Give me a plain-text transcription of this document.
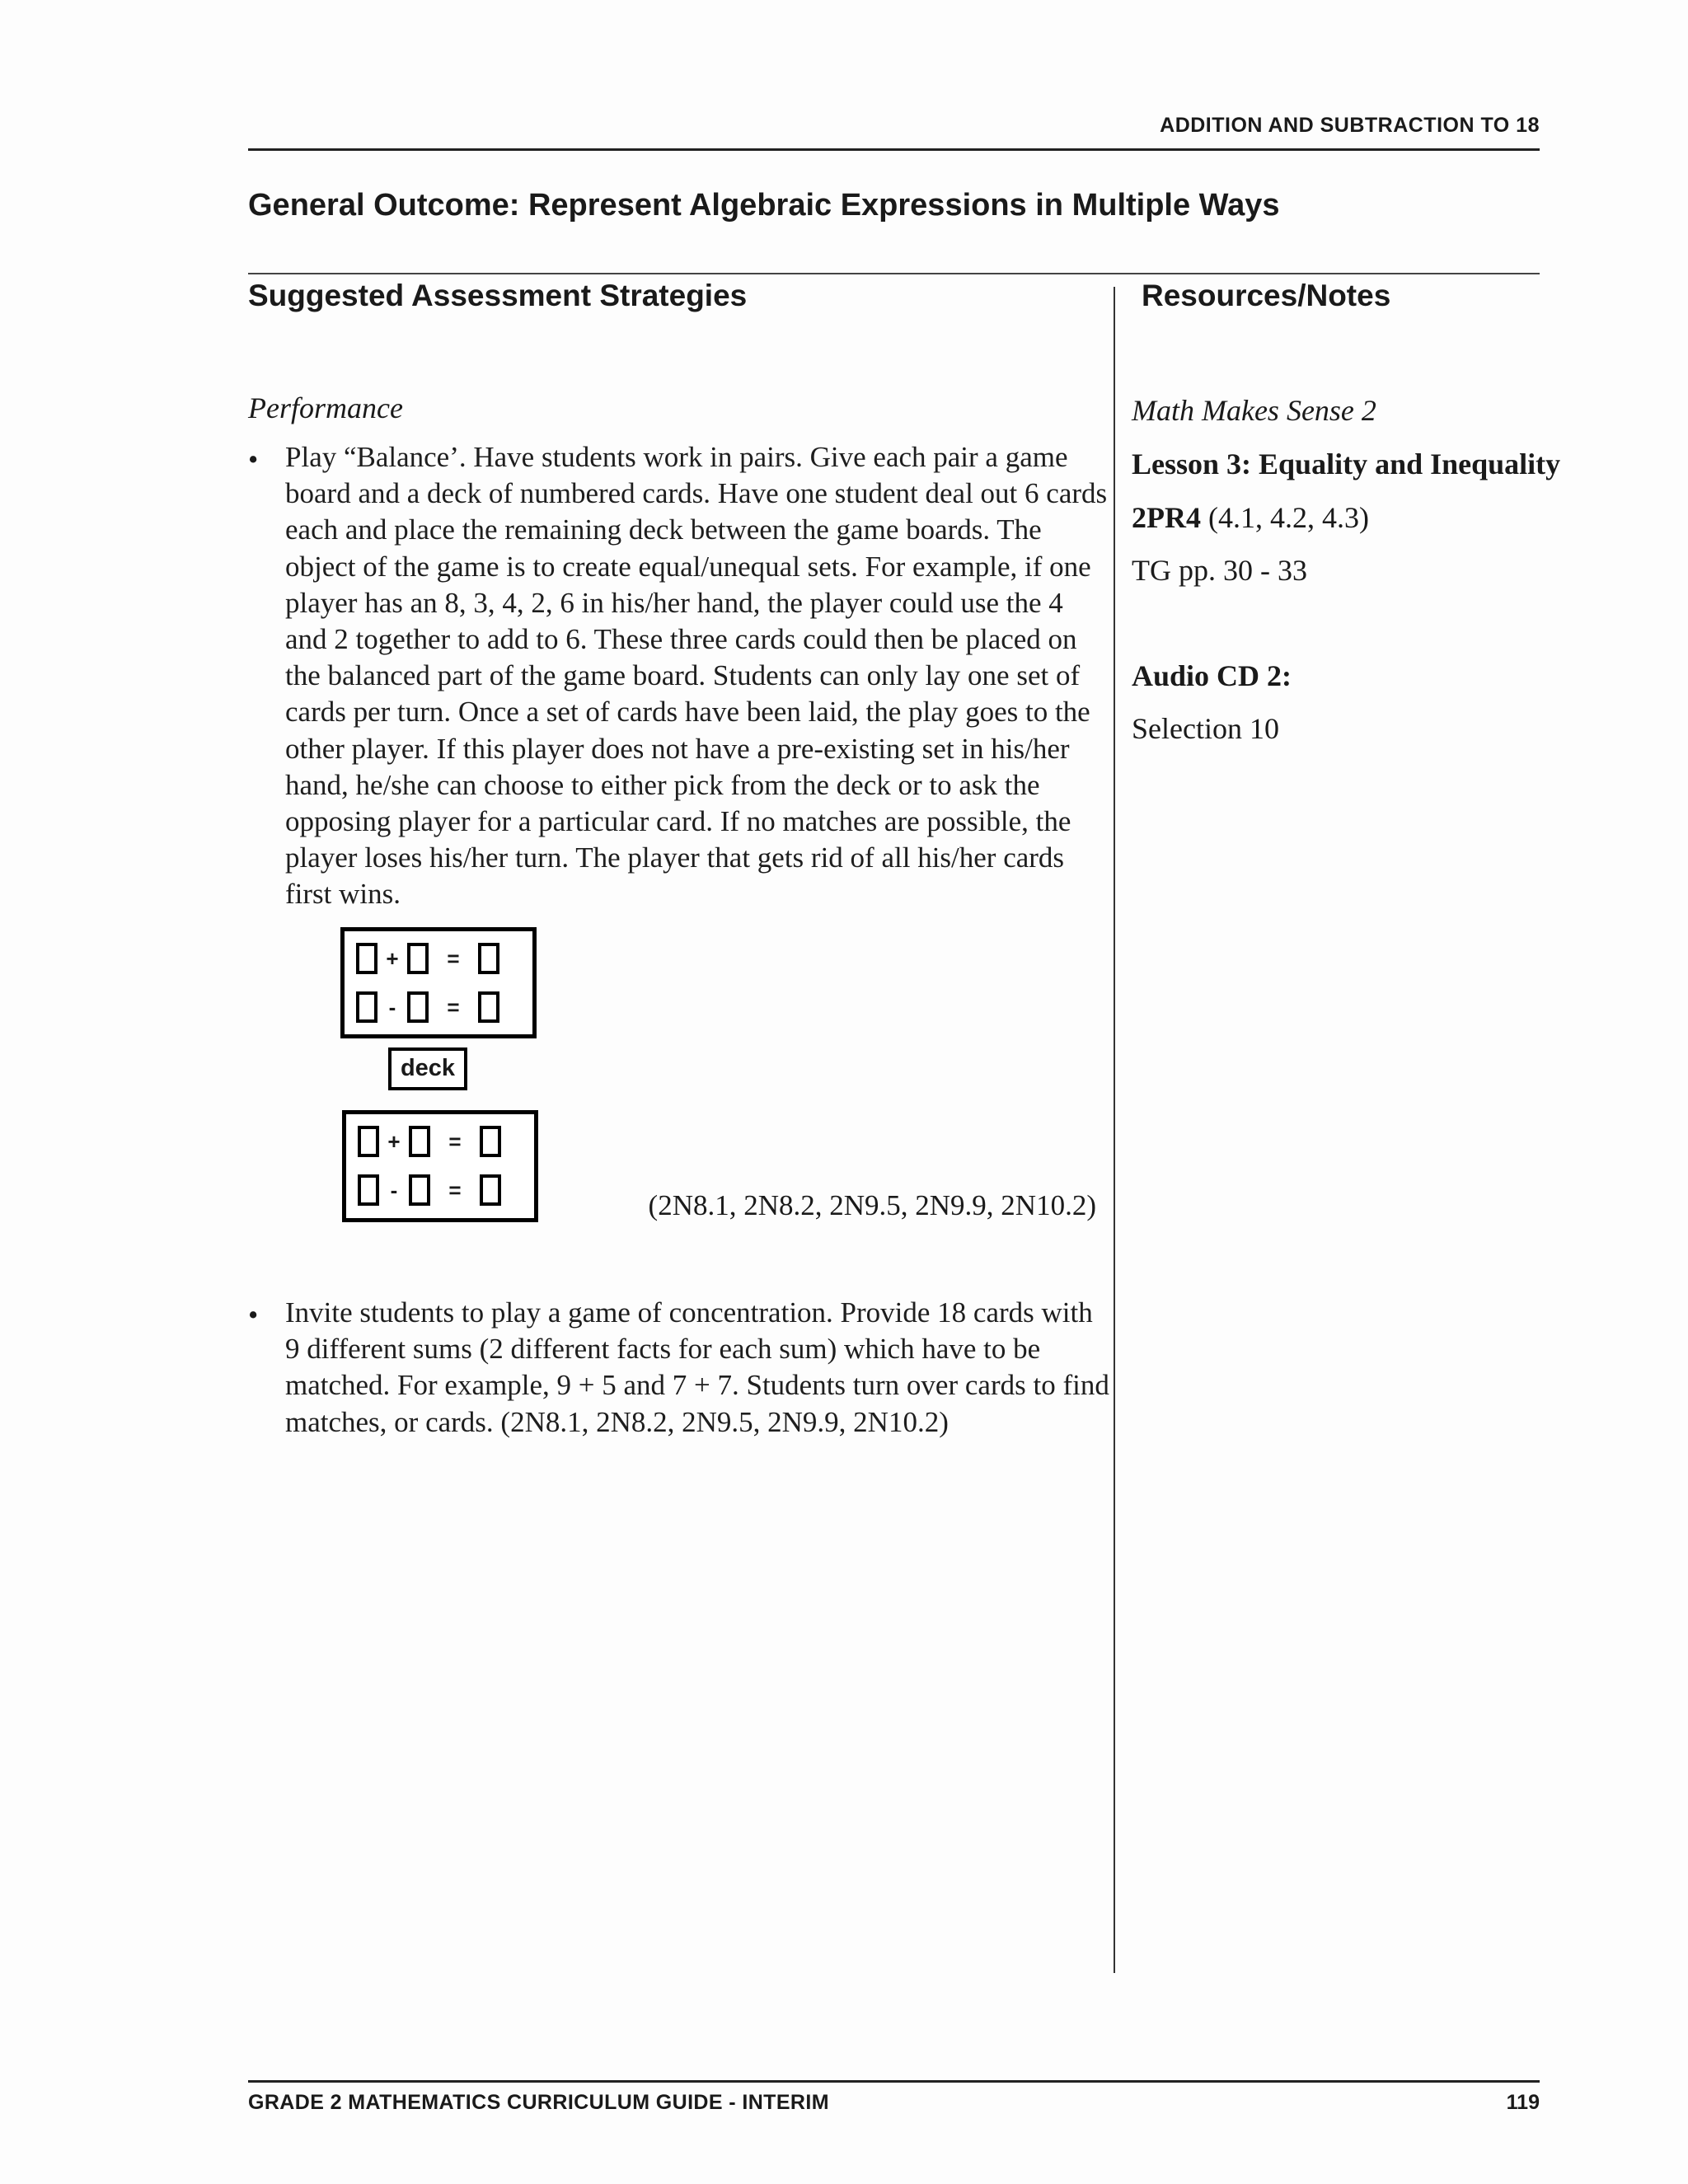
ADDITION AND SUBTRACTION TO 18
General Outcome: Represent Algebraic Expressions in Multiple Ways
Suggested Assessment Strategies	Resources/Notes
Performance
• Play “Balance’. Have students work in pairs. Give each pair a game board and a deck of numbered cards. Have one student deal out 6 cards each and place the remaining deck between the game boards. The object of the game is to create equal/unequal sets. For example, if one player has an 8, 3, 4, 2, 6 in his/her hand, the player could use the 4 and 2 together to add to 6. These three cards could then be placed on the balanced part of the game board. Students can only lay one set of cards per turn. Once a set of cards have been laid, the play goes to the other player. If this player does not have a pre-existing set in his/her hand, he/she can choose to either pick from the deck or to ask the opposing player for a particular card. If no matches are possible, the player loses his/her turn. The player that gets rid of all his/her cards first wins.
+	=
-	=
deck
+	=
-	=	(2N8.1, 2N8.2, 2N9.5, 2N9.9, 2N10.2)
• Invite students to play a game of concentration. Provide 18 cards with 9 different sums (2 different facts for each sum) which have to be matched. For example, 9 + 5 and 7 + 7. Students turn over cards to find matches, or cards. (2N8.1, 2N8.2, 2N9.5, 2N9.9, 2N10.2)
Math Makes Sense 2
Lesson 3: Equality and Inequality
2PR4 (4.1, 4.2, 4.3)
TG pp. 30 - 33
Audio CD 2:
Selection 10
GRADE 2 MATHEMATICS CURRICULUM GUIDE - INTERIM	119
